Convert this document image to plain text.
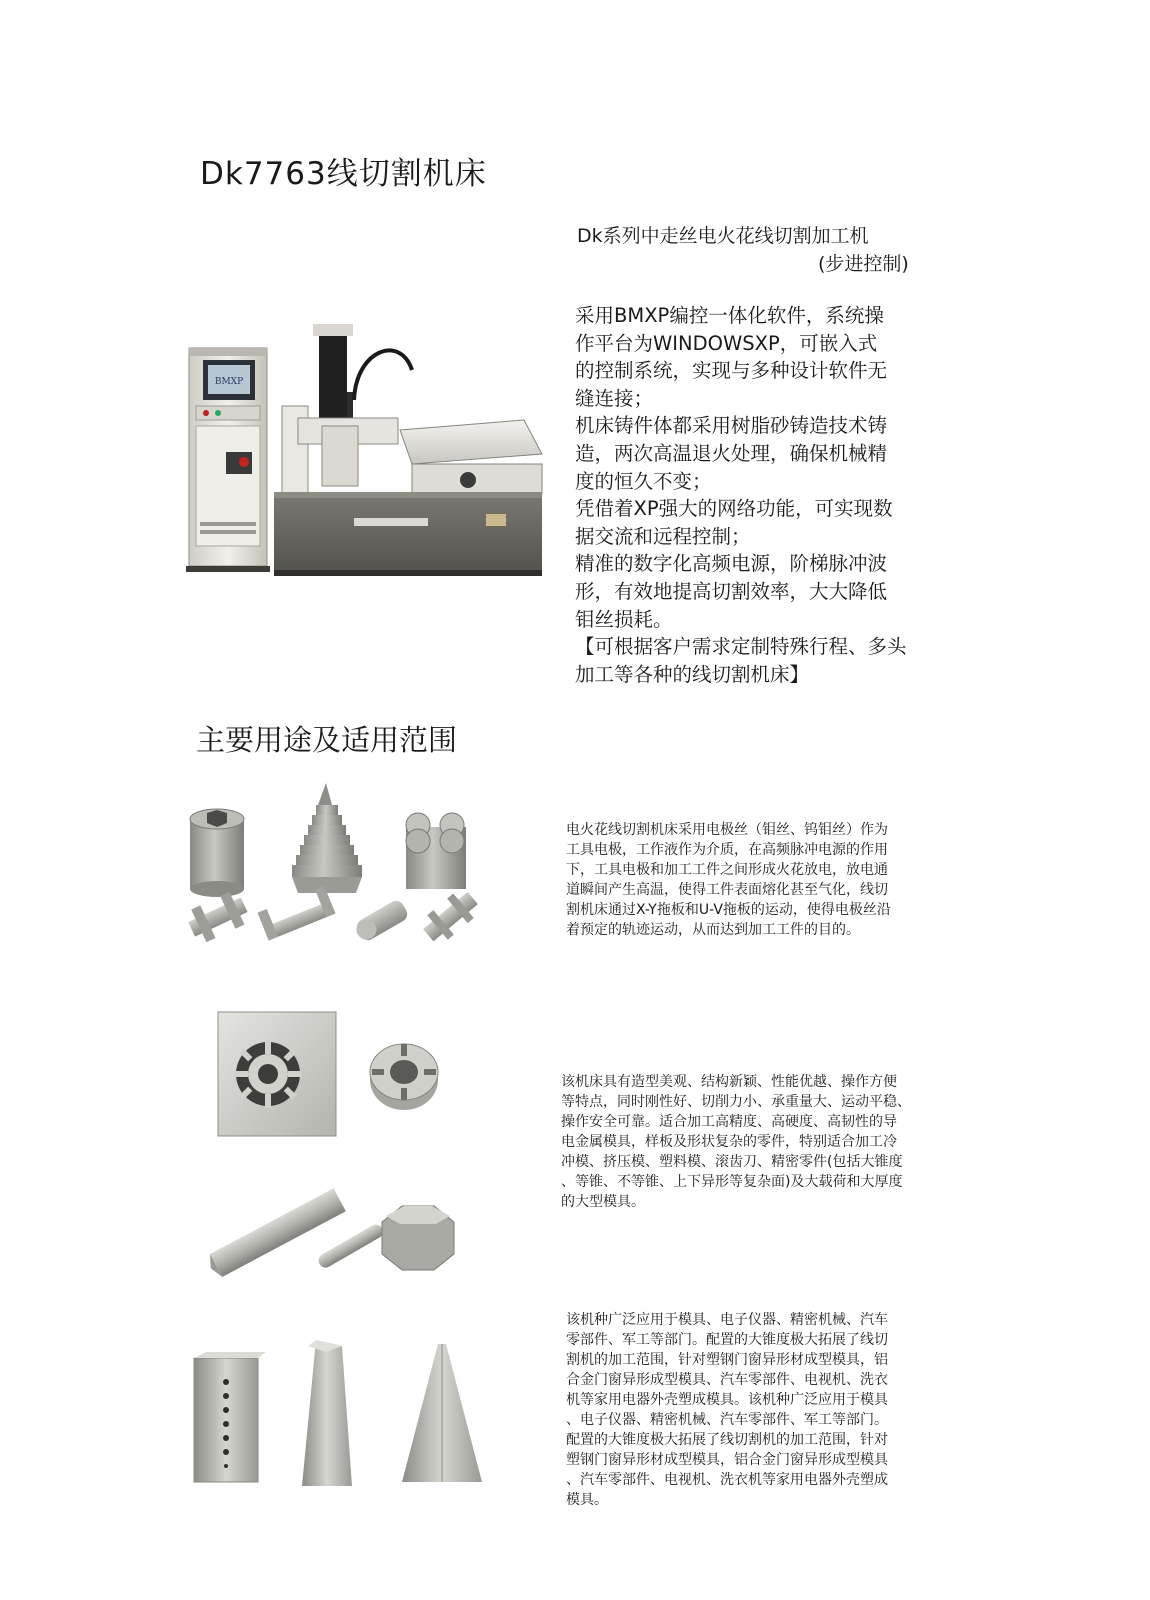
Dk7763线切割机床
Dk系列中走丝电火花线切割加工机
(步进控制)
BMXP
采用BMXP编控一体化软件，系统操
作平台为WINDOWSXP，可嵌入式
的控制系统，实现与多种设计软件无
缝连接；
机床铸件体都采用树脂砂铸造技术铸
造，两次高温退火处理，确保机械精
度的恒久不变；
凭借着XP强大的网络功能，可实现数
据交流和远程控制；
精准的数字化高频电源，阶梯脉冲波
形，有效地提高切割效率，大大降低
钼丝损耗。
【可根据客户需求定制特殊行程、多头
加工等各种的线切割机床】
主要用途及适用范围
电火花线切割机床采用电极丝（钼丝、钨钼丝）作为
工具电极，工作液作为介质，在高频脉冲电源的作用
下，工具电极和加工工件之间形成火花放电，放电通
道瞬间产生高温，使得工件表面熔化甚至气化，线切
割机床通过X-Y拖板和U-V拖板的运动，使得电极丝沿
着预定的轨迹运动，从而达到加工工件的目的。
该机床具有造型美观、结构新颖、性能优越、操作方便
等特点，同时刚性好、切削力小、承重量大、运动平稳、
操作安全可靠。适合加工高精度、高硬度、高韧性的导
电金属模具，样板及形状复杂的零件，特别适合加工冷
冲模、挤压模、塑料模、滚齿刀、精密零件(包括大锥度
、等锥、不等锥、上下异形等复杂面)及大载荷和大厚度
的大型模具。
该机种广泛应用于模具、电子仪器、精密机械、汽车
零部件、军工等部门。配置的大锥度极大拓展了线切
割机的加工范围，针对塑钢门窗异形材成型模具，铝
合金门窗异形成型模具、汽车零部件、电视机、洗衣
机等家用电器外壳塑成模具。该机种广泛应用于模具
、电子仪器、精密机械、汽车零部件、军工等部门。
配置的大锥度极大拓展了线切割机的加工范围，针对
塑钢门窗异形材成型模具，铝合金门窗异形成型模具
、汽车零部件、电视机、洗衣机等家用电器外壳塑成
模具。
